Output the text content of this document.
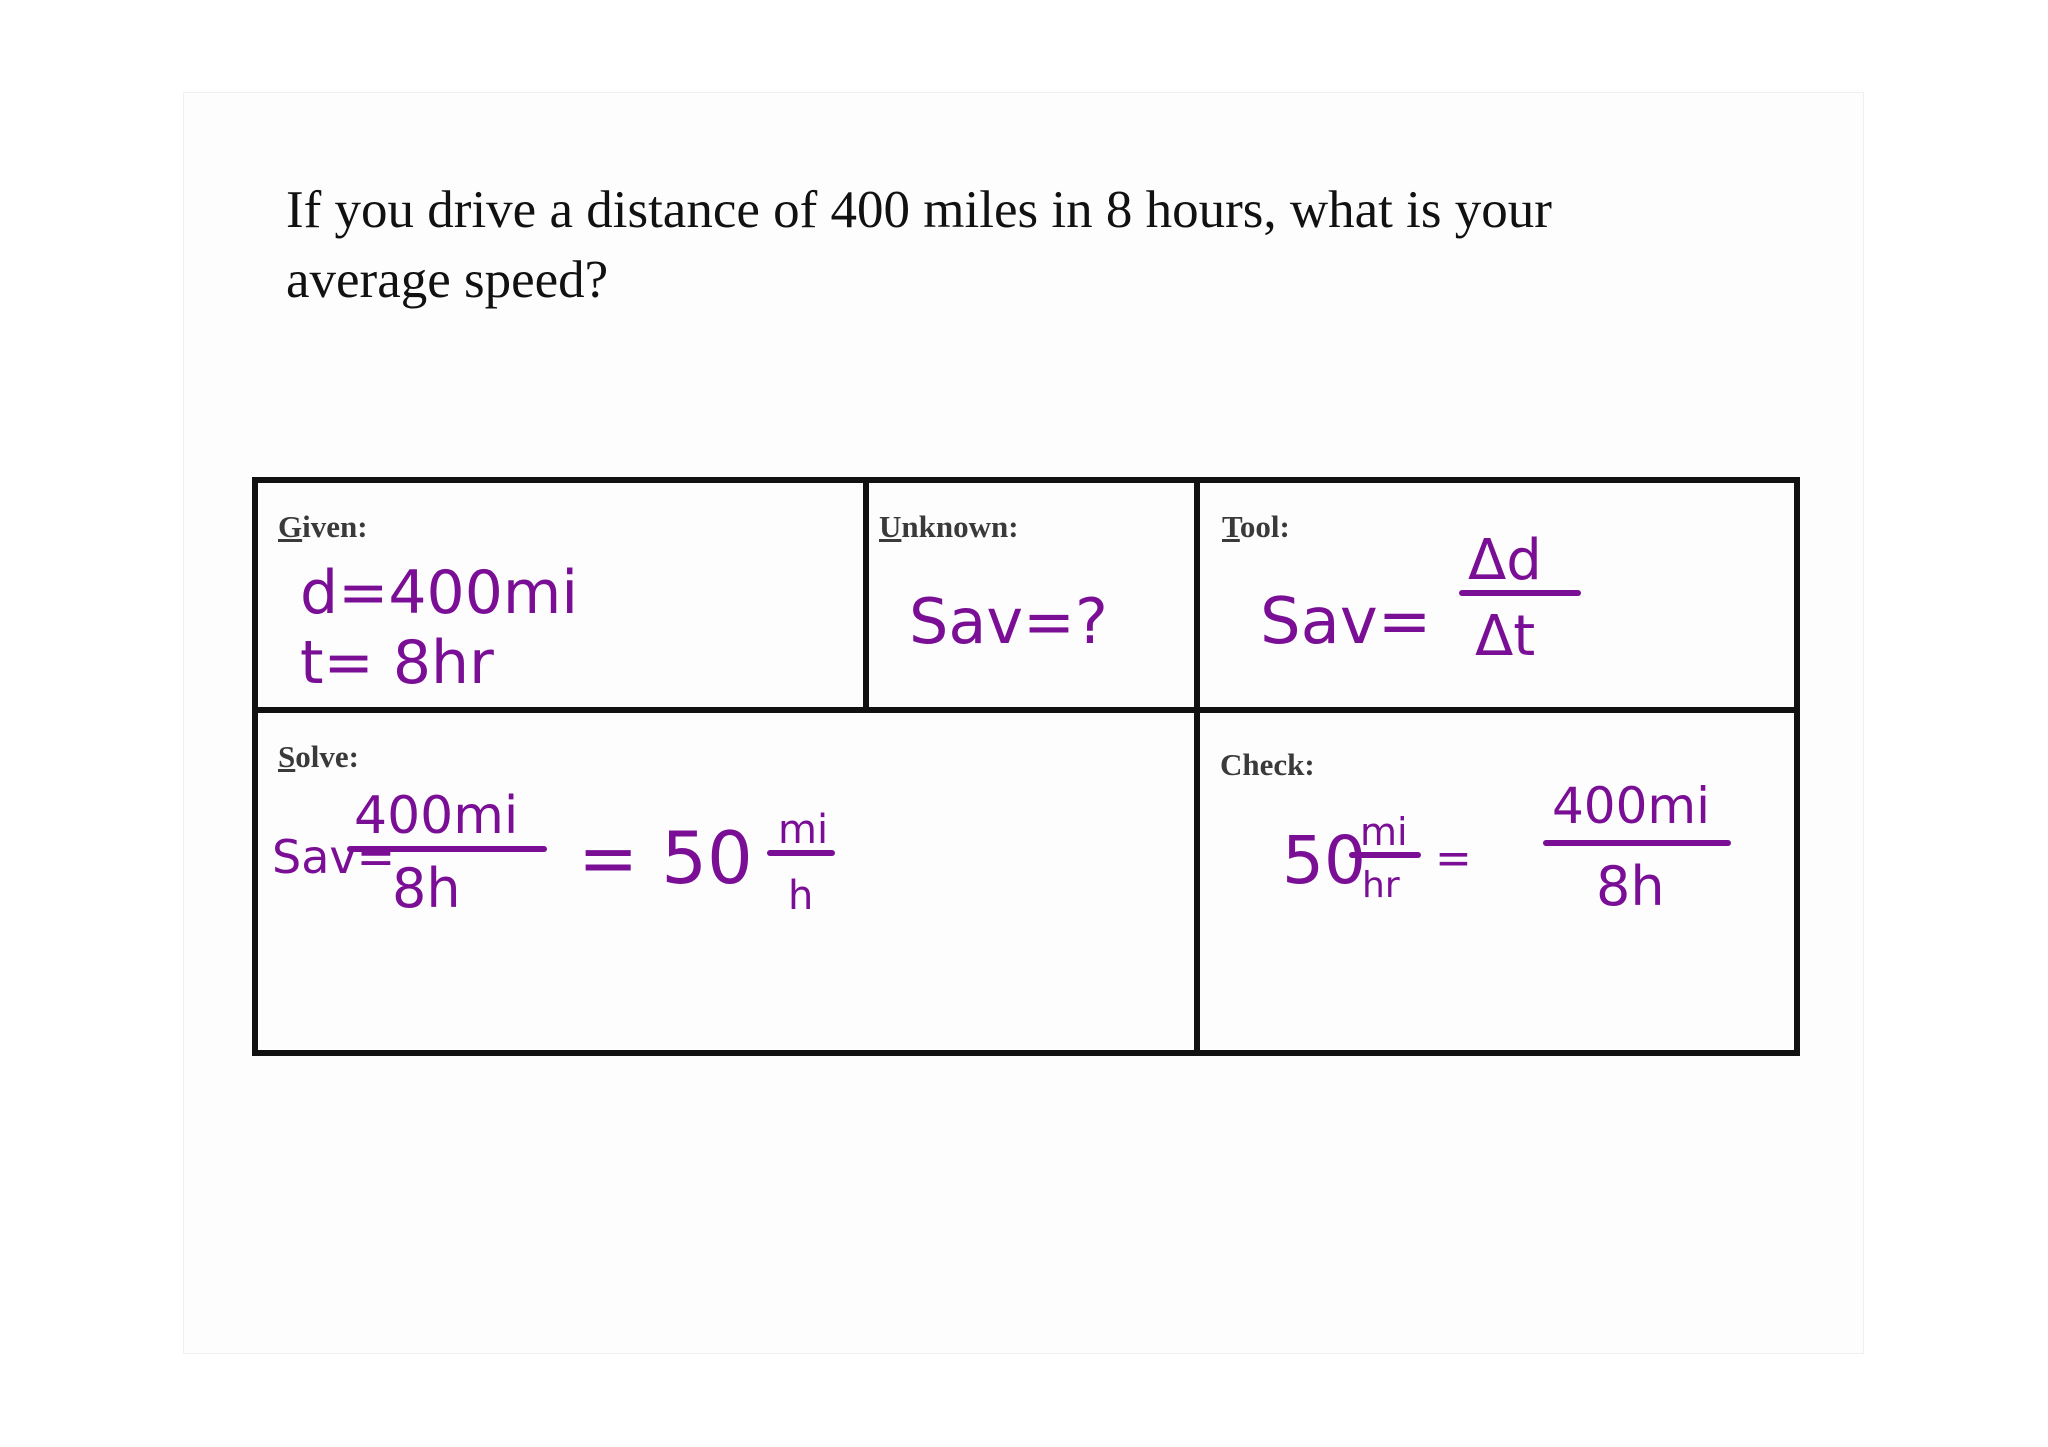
If you drive a distance of 400 miles in 8 hours, what is your average speed?
Given:
d=400mi
t= 8hr
Unknown:
Sav=?
Tool:
Sav=
Δd
Δt
Solve:
Sav=
400mi
8h = 50 mi
h
Check:
50
mi
hr
=
400mi
8h
